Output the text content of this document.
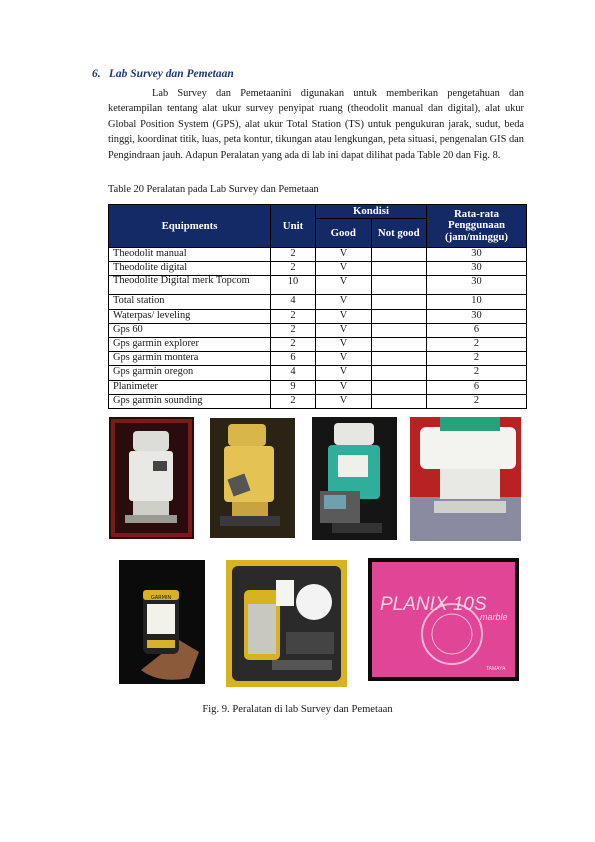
6. Lab Survey dan Pemetaan
Lab Survey dan Pemetaanini digunakan untuk memberikan pengetahuan dan keterampilan tentang alat ukur survey penyipat ruang (theodolit manual dan digital), alat ukur Global Position System (GPS), alat ukur Total Station (TS) untuk pengukuran jarak, sudut, beda tinggi, koordinat titik, luas, peta kontur, tikungan atau lengkungan, peta situasi, pengenalan GIS dan Pengindraan jauh. Adapun Peralatan yang ada di lab ini dapat dilihat pada Table 20 dan Fig. 8.
Table 20 Peralatan pada Lab Survey dan Pemetaan
Equipments	Unit	Kondisi
Good Not good		Rata-rata Penggunaan (jam/minggu)
Theodolit manual	2	V		30
Theodolite digital	2	V		30
Theodolite Digital merk Topcom	10	V		30
Total station	4	V		10
Waterpas/ leveling	2	V		30
Gps 60	2	V		6
Gps garmin explorer	2	V		2
Gps garmin montera	6	V		2
Gps garmin oregon	4	V		2
Planimeter	9	V		6
Gps garmin sounding	2	V		2
GARMIN	PLANIX 10S
marble
TAMAYA
Fig. 9. Peralatan di lab Survey dan Pemetaan
